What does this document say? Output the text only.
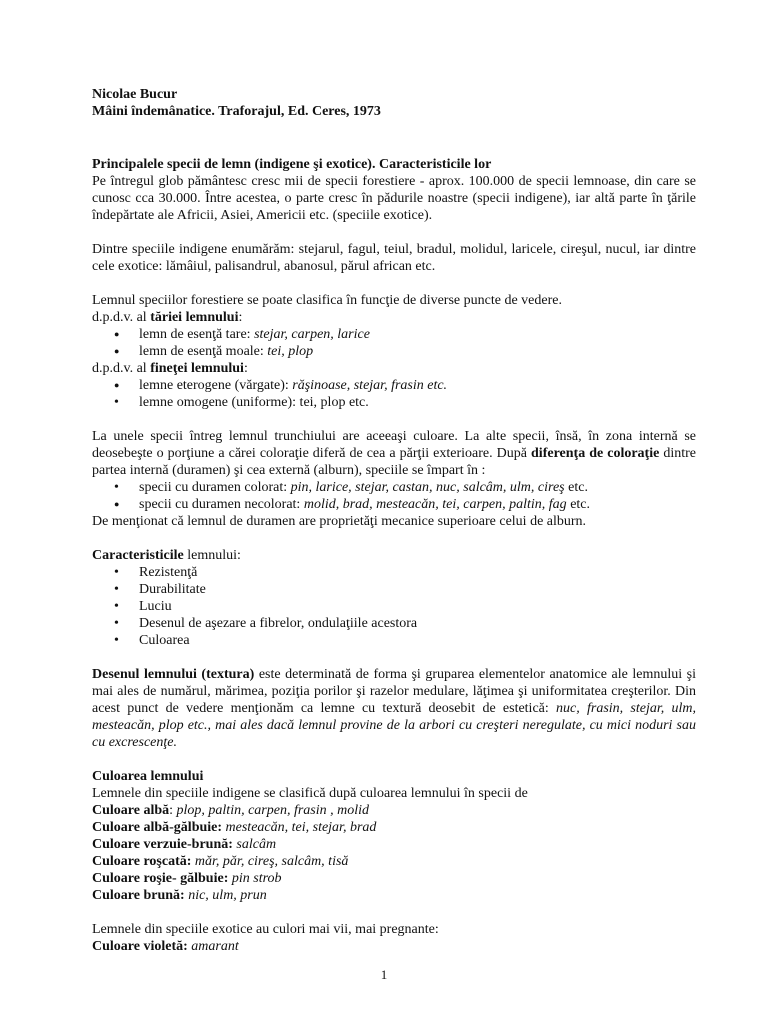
Nicolae Bucur

Mâini îndemânatice. Traforajul, Ed. Ceres, 1973

Principalele specii de lemn (indigene şi exotice). Caracteristicile lor

Pe întregul glob pământesc cresc mii de specii forestiere - aprox. 100.000 de specii lemnoase, din care se cunosc cca 30.000. Între acestea, o parte cresc în pădurile noastre (specii indigene), iar altă parte în ţările îndepărtate ale Africii, Asiei, Americii etc. (speciile exotice).

Dintre speciile indigene enumărăm: stejarul, fagul, teiul, bradul, molidul, laricele, cireşul, nucul, iar dintre cele exotice: lămâiul, palisandrul, abanosul, părul african etc.

Lemnul speciilor forestiere se poate clasifica în funcţie de diverse puncte de vedere.

d.p.d.v. al tăriei lemnului:

● lemn de esenţă tare: stejar, carpen, larice
● lemn de esenţă moale: tei, plop

d.p.d.v. al fineţei lemnului:

● lemne eterogene (vărgate): răşinoase, stejar, frasin etc.
• lemne omogene (uniforme): tei, plop etc.

La unele specii întreg lemnul trunchiului are aceeaşi culoare. La alte specii, însă, în zona internă se deosebeşte o porţiune a cărei coloraţie diferă de cea a părţii exterioare. După diferenţa de coloraţie dintre partea internă (duramen) şi cea externă (alburn), speciile se împart în :

• specii cu duramen colorat: pin, larice, stejar, castan, nuc, salcâm, ulm, cireş etc.
● specii cu duramen necolorat: molid, brad, mesteacăn, tei, carpen, paltin, fag etc.

De menţionat că lemnul de duramen are proprietăţi mecanice superioare celui de alburn.

Caracteristicile lemnului:

• Rezistenţă
• Durabilitate
• Luciu
• Desenul de aşezare a fibrelor, ondulaţiile acestora
• Culoarea

Desenul lemnului (textura) este determinată de forma şi gruparea elementelor anatomice ale lemnului şi mai ales de numărul, mărimea, poziţia porilor şi razelor medulare, lăţimea şi uniformitatea creşterilor. Din acest punct de vedere menţionăm ca lemne cu textură deosebit de estetică: nuc, frasin, stejar, ulm, mesteacăn, plop etc., mai ales dacă lemnul provine de la arbori cu creşteri neregulate, cu mici noduri sau cu excrescenţe.

Culoarea lemnului

Lemnele din speciile indigene se clasifică după culoarea lemnului în specii de

Culoare albă: plop, paltin, carpen, frasin , molid

Culoare albă-gălbuie: mesteacăn, tei, stejar, brad

Culoare verzuie-brună: salcâm

Culoare roşcată: măr, păr, cireş, salcâm, tisă

Culoare roşie- gălbuie: pin strob

Culoare brună: nic, ulm, prun

Lemnele din speciile exotice au culori mai vii, mai pregnante:

Culoare violetă: amarant

1
